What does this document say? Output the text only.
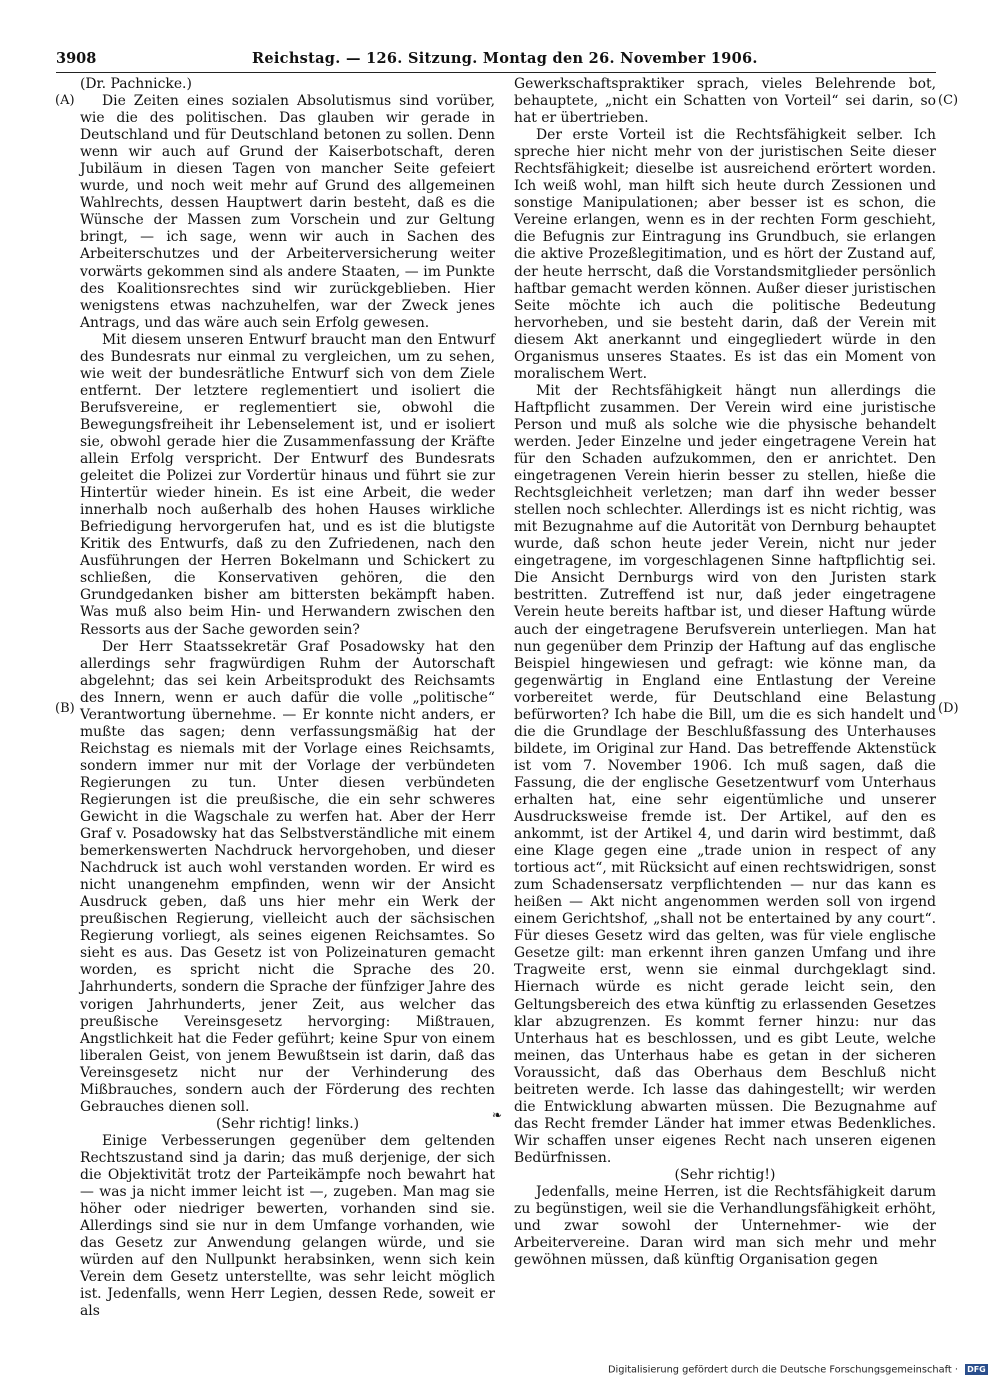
3908	Reichstag. — 126. Sitzung. Montag den 26. November 1906.
(A)
(B)
(C)
(D)

(Dr. Pachnicke.)

Die Zeiten eines sozialen Absolutismus sind vorüber, wie die des politischen. Das glauben wir gerade in Deutschland und für Deutschland betonen zu sollen. Denn wenn wir auch auf Grund der Kaiserbotschaft, deren Jubiläum in diesen Tagen von mancher Seite gefeiert wurde, und noch weit mehr auf Grund des allgemeinen Wahlrechts, dessen Hauptwert darin besteht, daß es die Wünsche der Massen zum Vorschein und zur Geltung bringt, — ich sage, wenn wir auch in Sachen des Arbeiterschutzes und der Arbeiterversicherung weiter vorwärts gekommen sind als andere Staaten, — im Punkte des Koalitionsrechtes sind wir zurückgeblieben. Hier wenigstens etwas nachzuhelfen, war der Zweck jenes Antrags, und das wäre auch sein Erfolg gewesen.

Mit diesem unseren Entwurf braucht man den Entwurf des Bundesrats nur einmal zu vergleichen, um zu sehen, wie weit der bundesrätliche Entwurf sich von dem Ziele entfernt. Der letztere reglementiert und isoliert die Berufsvereine, er reglementiert sie, obwohl die Bewegungsfreiheit ihr Lebenselement ist, und er isoliert sie, obwohl gerade hier die Zusammenfassung der Kräfte allein Erfolg verspricht. Der Entwurf des Bundesrats geleitet die Polizei zur Vordertür hinaus und führt sie zur Hintertür wieder hinein. Es ist eine Arbeit, die weder innerhalb noch außerhalb des hohen Hauses wirkliche Befriedigung hervorgerufen hat, und es ist die blutigste Kritik des Entwurfs, daß zu den Zufriedenen, nach den Ausführungen der Herren Bokelmann und Schickert zu schließen, die Konservativen gehören, die den Grundgedanken bisher am bittersten bekämpft haben. Was muß also beim Hin- und Herwandern zwischen den Ressorts aus der Sache geworden sein?

Der Herr Staatssekretär Graf Posadowsky hat den allerdings sehr fragwürdigen Ruhm der Autorschaft abgelehnt; das sei kein Arbeitsprodukt des Reichsamts des Innern, wenn er auch dafür die volle „politische“ Verantwortung übernehme. — Er konnte nicht anders, er mußte das sagen; denn verfassungsmäßig hat der Reichstag es niemals mit der Vorlage eines Reichsamts, sondern immer nur mit der Vorlage der verbündeten Regierungen zu tun. Unter diesen verbündeten Regierungen ist die preußische, die ein sehr schweres Gewicht in die Wagschale zu werfen hat. Aber der Herr Graf v. Posadowsky hat das Selbstverständliche mit einem bemerkenswerten Nachdruck hervorgehoben, und dieser Nachdruck ist auch wohl verstanden worden. Er wird es nicht unangenehm empfinden, wenn wir der Ansicht Ausdruck geben, daß uns hier mehr ein Werk der preußischen Regierung, vielleicht auch der sächsischen Regierung vorliegt, als seines eigenen Reichsamtes. So sieht es aus. Das Gesetz ist von Polizeinaturen gemacht worden, es spricht nicht die Sprache des 20. Jahrhunderts, sondern die Sprache der fünfziger Jahre des vorigen Jahrhunderts, jener Zeit, aus welcher das preußische Vereinsgesetz hervorging: Mißtrauen, Angstlichkeit hat die Feder geführt; keine Spur von einem liberalen Geist, von jenem Bewußtsein ist darin, daß das Vereinsgesetz nicht nur der Verhinderung des Mißbrauches, sondern auch der Förderung des rechten Gebrauches dienen soll.

(Sehr richtig! links.)

Einige Verbesserungen gegenüber dem geltenden Rechtszustand sind ja darin; das muß derjenige, der sich die Objektivität trotz der Parteikämpfe noch bewahrt hat — was ja nicht immer leicht ist —, zugeben. Man mag sie höher oder niedriger bewerten, vorhanden sind sie. Allerdings sind sie nur in dem Umfange vorhanden, wie das Gesetz zur Anwendung gelangen würde, und sie würden auf den Nullpunkt herabsinken, wenn sich kein Verein dem Gesetz unterstellte, was sehr leicht möglich ist. Jedenfalls, wenn Herr Legien, dessen Rede, soweit er als

❧

Gewerkschaftspraktiker sprach, vieles Belehrende bot, behauptete, „nicht ein Schatten von Vorteil“ sei darin, so hat er übertrieben.

Der erste Vorteil ist die Rechtsfähigkeit selber. Ich spreche hier nicht mehr von der juristischen Seite dieser Rechtsfähigkeit; dieselbe ist ausreichend erörtert worden. Ich weiß wohl, man hilft sich heute durch Zessionen und sonstige Manipulationen; aber besser ist es schon, die Vereine erlangen, wenn es in der rechten Form geschieht, die Befugnis zur Eintragung ins Grundbuch, sie erlangen die aktive Prozeßlegitimation, und es hört der Zustand auf, der heute herrscht, daß die Vorstandsmitglieder persönlich haftbar gemacht werden können. Außer dieser juristischen Seite möchte ich auch die politische Bedeutung hervorheben, und sie besteht darin, daß der Verein mit diesem Akt anerkannt und eingegliedert würde in den Organismus unseres Staates. Es ist das ein Moment von moralischem Wert.

Mit der Rechtsfähigkeit hängt nun allerdings die Haftpflicht zusammen. Der Verein wird eine juristische Person und muß als solche wie die physische behandelt werden. Jeder Einzelne und jeder eingetragene Verein hat für den Schaden aufzukommen, den er anrichtet. Den eingetragenen Verein hierin besser zu stellen, hieße die Rechtsgleichheit verletzen; man darf ihn weder besser stellen noch schlechter. Allerdings ist es nicht richtig, was mit Bezugnahme auf die Autorität von Dernburg behauptet wurde, daß schon heute jeder Verein, nicht nur jeder eingetragene, im vorgeschlagenen Sinne haftpflichtig sei. Die Ansicht Dernburgs wird von den Juristen stark bestritten. Zutreffend ist nur, daß jeder eingetragene Verein heute bereits haftbar ist, und dieser Haftung würde auch der eingetragene Berufsverein unterliegen. Man hat nun gegenüber dem Prinzip der Haftung auf das englische Beispiel hingewiesen und gefragt: wie könne man, da gegenwärtig in England eine Entlastung der Vereine vorbereitet werde, für Deutschland eine Belastung befürworten? Ich habe die Bill, um die es sich handelt und die die Grundlage der Beschlußfassung des Unterhauses bildete, im Original zur Hand. Das betreffende Aktenstück ist vom 7. November 1906. Ich muß sagen, daß die Fassung, die der englische Gesetzentwurf vom Unterhaus erhalten hat, eine sehr eigentümliche und unserer Ausdrucksweise fremde ist. Der Artikel, auf den es ankommt, ist der Artikel 4, und darin wird bestimmt, daß eine Klage gegen eine „trade union in respect of any tortious act“, mit Rücksicht auf einen rechtswidrigen, sonst zum Schadensersatz verpflichtenden — nur das kann es heißen — Akt nicht angenommen werden soll von irgend einem Gerichtshof, „shall not be entertained by any court“. Für dieses Gesetz wird das gelten, was für viele englische Gesetze gilt: man erkennt ihren ganzen Umfang und ihre Tragweite erst, wenn sie einmal durchgeklagt sind. Hiernach würde es nicht gerade leicht sein, den Geltungsbereich des etwa künftig zu erlassenden Gesetzes klar abzugrenzen. Es kommt ferner hinzu: nur das Unterhaus hat es beschlossen, und es gibt Leute, welche meinen, das Unterhaus habe es getan in der sicheren Voraussicht, daß das Oberhaus dem Beschluß nicht beitreten werde. Ich lasse das dahingestellt; wir werden die Entwicklung abwarten müssen. Die Bezugnahme auf das Recht fremder Länder hat immer etwas Bedenkliches. Wir schaffen unser eigenes Recht nach unseren eigenen Bedürfnissen.

(Sehr richtig!)

Jedenfalls, meine Herren, ist die Rechtsfähigkeit darum zu begünstigen, weil sie die Verhandlungsfähigkeit erhöht, und zwar sowohl der Unternehmer- wie der Arbeitervereine. Daran wird man sich mehr und mehr gewöhnen müssen, daß künftig Organisation gegen

Digitalisierung gefördert durch die Deutsche Forschungsgemeinschaft · DFG
